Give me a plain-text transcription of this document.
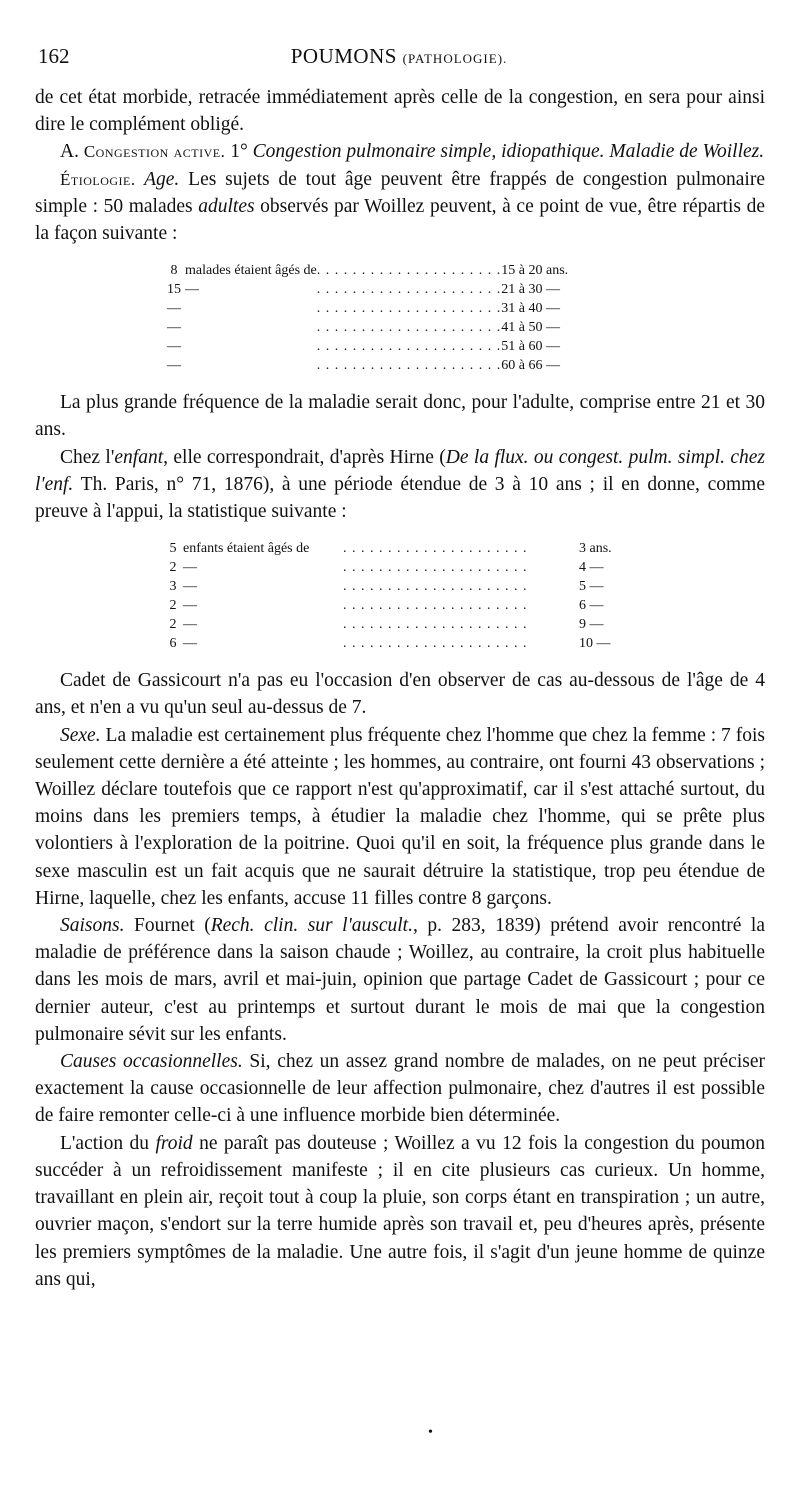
162	POUMONS (PATHOLOGIE).

de cet état morbide, retracée immédiatement après celle de la congestion, en sera pour ainsi dire le complément obligé.

A. Congestion active. 1° Congestion pulmonaire simple, idiopathique. Maladie de Woillez.

Étiologie. Age. Les sujets de tout âge peuvent être frappés de congestion pulmonaire simple : 50 malades adultes observés par Woillez peuvent, à ce point de vue, être répartis de la façon suivante :

8	malades étaient âgés de	. . . . . . . . . . . . . . . . . . . . .	15 à 20 ans.
15	—	. . . . . . . . . . . . . . . . . . . . .	21 à 30 —
—		. . . . . . . . . . . . . . . . . . . . .	31 à 40 —
—		. . . . . . . . . . . . . . . . . . . . .	41 à 50 —
—		. . . . . . . . . . . . . . . . . . . . .	51 à 60 —
—		. . . . . . . . . . . . . . . . . . . . .	60 à 66 —

La plus grande fréquence de la maladie serait donc, pour l'adulte, comprise entre 21 et 30 ans.

Chez l'enfant, elle correspondrait, d'après Hirne (De la flux. ou congest. pulm. simpl. chez l'enf. Th. Paris, n° 71, 1876), à une période étendue de 3 à 10 ans ; il en donne, comme preuve à l'appui, la statistique suivante :

5	enfants étaient âgés de	. . . . . . . . . . . . . . . . . . . . .	3 ans.
2	—	. . . . . . . . . . . . . . . . . . . . .	4 —
3	—	. . . . . . . . . . . . . . . . . . . . .	5 —
2	—	. . . . . . . . . . . . . . . . . . . . .	6 —
2	—	. . . . . . . . . . . . . . . . . . . . .	9 —
6	—	. . . . . . . . . . . . . . . . . . . . .	10 —

Cadet de Gassicourt n'a pas eu l'occasion d'en observer de cas au-dessous de l'âge de 4 ans, et n'en a vu qu'un seul au-dessus de 7.

Sexe. La maladie est certainement plus fréquente chez l'homme que chez la femme : 7 fois seulement cette dernière a été atteinte ; les hommes, au contraire, ont fourni 43 observations ; Woillez déclare toutefois que ce rapport n'est qu'approximatif, car il s'est attaché surtout, du moins dans les premiers temps, à étudier la maladie chez l'homme, qui se prête plus volontiers à l'exploration de la poitrine. Quoi qu'il en soit, la fréquence plus grande dans le sexe masculin est un fait acquis que ne saurait détruire la statistique, trop peu étendue de Hirne, laquelle, chez les enfants, accuse 11 filles contre 8 garçons.

Saisons. Fournet (Rech. clin. sur l'auscult., p. 283, 1839) prétend avoir rencontré la maladie de préférence dans la saison chaude ; Woillez, au contraire, la croit plus habituelle dans les mois de mars, avril et mai-juin, opinion que partage Cadet de Gassicourt ; pour ce dernier auteur, c'est au printemps et surtout durant le mois de mai que la congestion pulmonaire sévit sur les enfants.

Causes occasionnelles. Si, chez un assez grand nombre de malades, on ne peut préciser exactement la cause occasionnelle de leur affection pulmonaire, chez d'autres il est possible de faire remonter celle-ci à une influence morbide bien déterminée.

L'action du froid ne paraît pas douteuse ; Woillez a vu 12 fois la congestion du poumon succéder à un refroidissement manifeste ; il en cite plusieurs cas curieux. Un homme, travaillant en plein air, reçoit tout à coup la pluie, son corps étant en transpiration ; un autre, ouvrier maçon, s'endort sur la terre humide après son travail et, peu d'heures après, présente les premiers symptômes de la maladie. Une autre fois, il s'agit d'un jeune homme de quinze ans qui,

•
